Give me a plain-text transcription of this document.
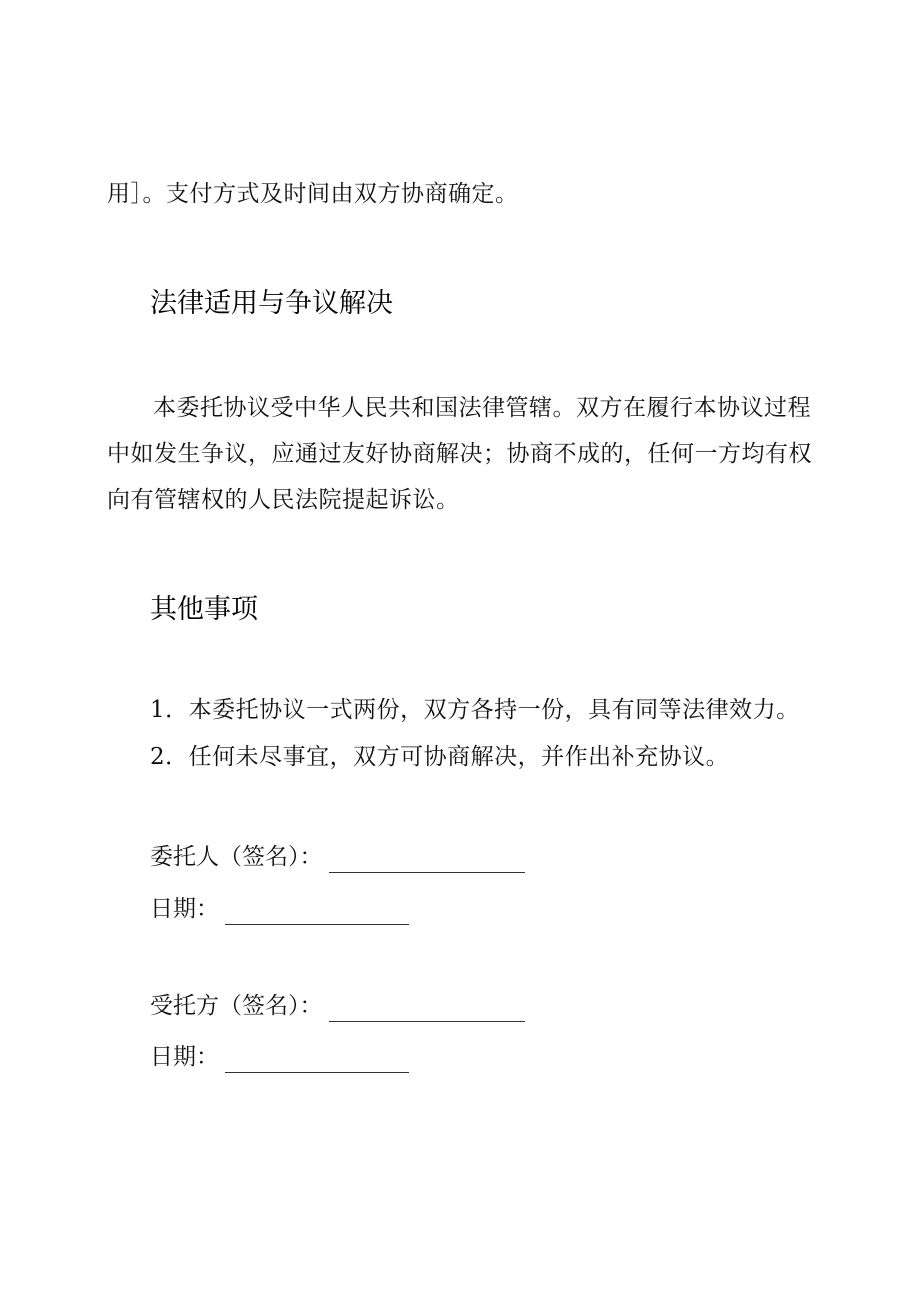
用］。支付方式及时间由双方协商确定。
法律适用与争议解决
本委托协议受中华人民共和国法律管辖。双方在履行本协议过程
中如发生争议，应通过友好协商解决；协商不成的，任何一方均有权
向有管辖权的人民法院提起诉讼。
其他事项
1．本委托协议一式两份，双方各持一份，具有同等法律效力。
2．任何未尽事宜，双方可协商解决，并作出补充协议。
委托人（签名）：
日期：
受托方（签名）：
日期：
